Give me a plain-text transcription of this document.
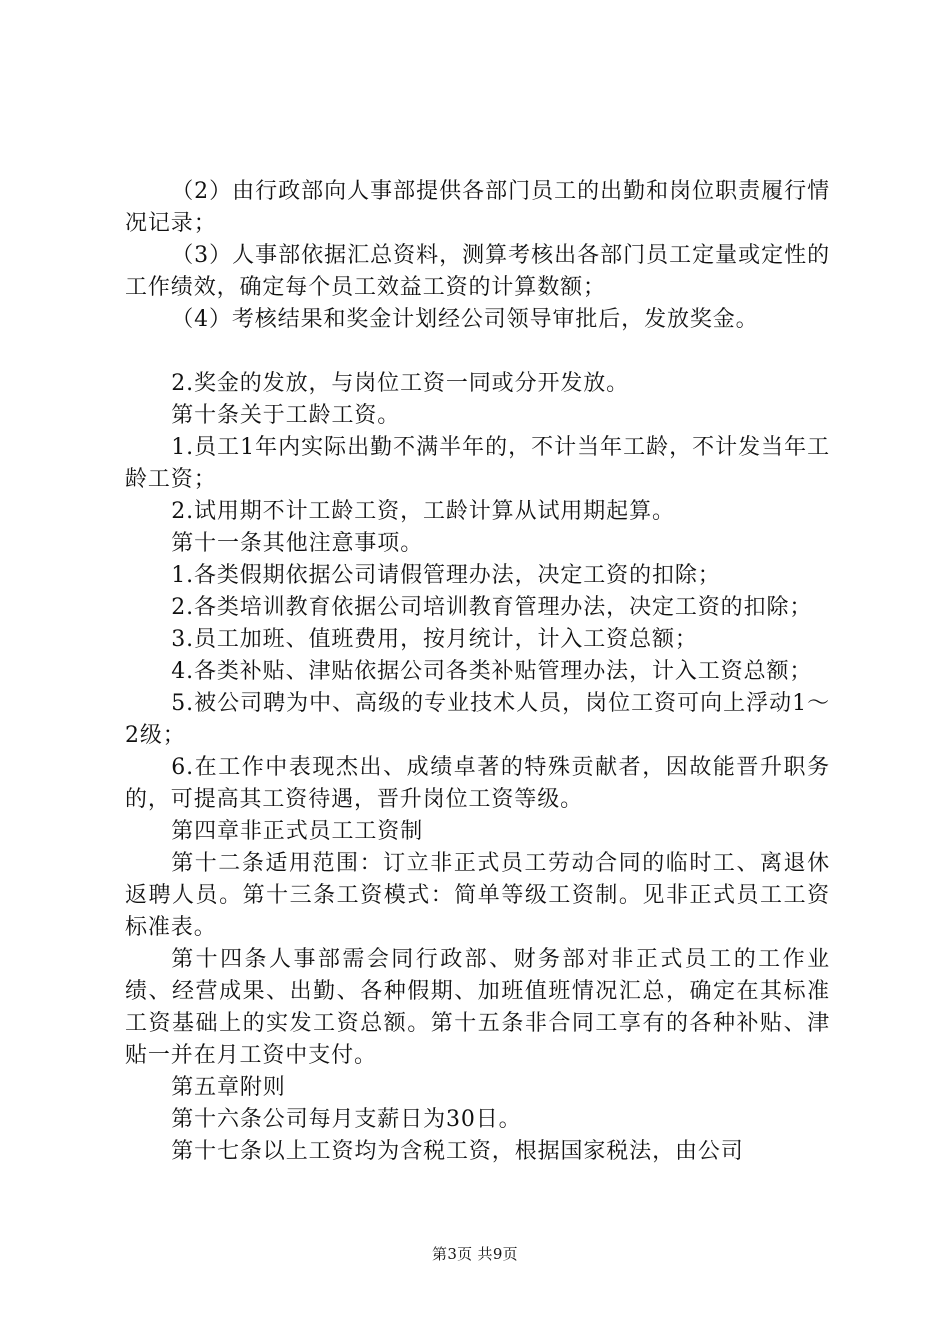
（2）由行政部向人事部提供各部门员工的出勤和岗位职责履行情况记录；

（3）人事部依据汇总资料，测算考核出各部门员工定量或定性的工作绩效，确定每个员工效益工资的计算数额；

（4）考核结果和奖金计划经公司领导审批后，发放奖金。

2.奖金的发放，与岗位工资一同或分开发放。

第十条关于工龄工资。

1.员工1年内实际出勤不满半年的，不计当年工龄，不计发当年工龄工资；

2.试用期不计工龄工资，工龄计算从试用期起算。

第十一条其他注意事项。

1.各类假期依据公司请假管理办法，决定工资的扣除；

2.各类培训教育依据公司培训教育管理办法，决定工资的扣除；

3.员工加班、值班费用，按月统计，计入工资总额；

4.各类补贴、津贴依据公司各类补贴管理办法，计入工资总额；

5.被公司聘为中、高级的专业技术人员，岗位工资可向上浮动1～2级；

6.在工作中表现杰出、成绩卓著的特殊贡献者，因故能晋升职务的，可提高其工资待遇，晋升岗位工资等级。

第四章非正式员工工资制

第十二条适用范围：订立非正式员工劳动合同的临时工、离退休返聘人员。第十三条工资模式：简单等级工资制。见非正式员工工资标准表。

第十四条人事部需会同行政部、财务部对非正式员工的工作业绩、经营成果、出勤、各种假期、加班值班情况汇总，确定在其标准工资基础上的实发工资总额。第十五条非合同工享有的各种补贴、津贴一并在月工资中支付。

第五章附则

第十六条公司每月支薪日为30日。

第十七条以上工资均为含税工资，根据国家税法，由公司

第3页 共9页
